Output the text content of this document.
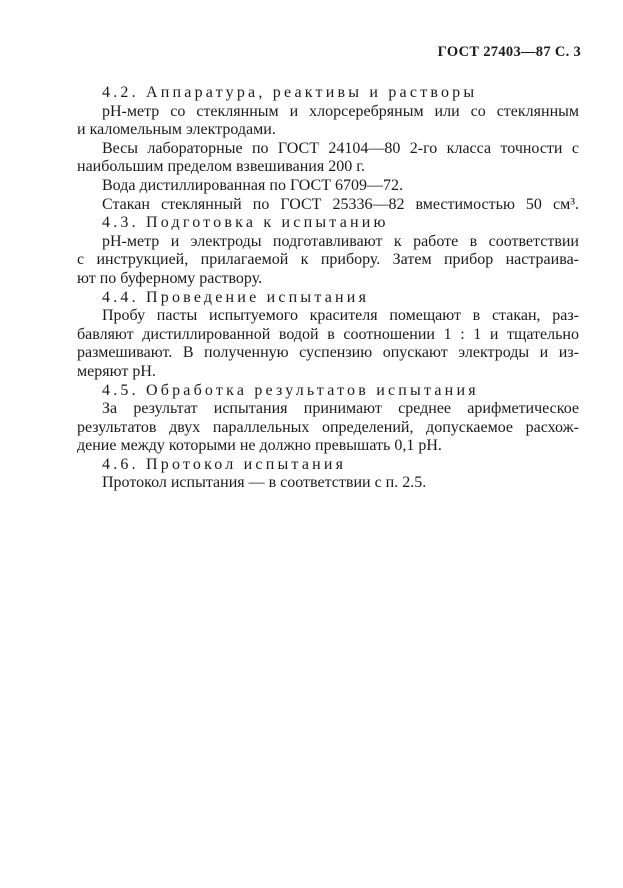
ГОСТ 27403—87 С. 3
4.2. Аппаратура, реактивы и растворы
рН-метр со стеклянным и хлорсеребряным или со стеклянным
и каломельным электродами.
Весы лабораторные по ГОСТ 24104—80 2-го класса точности с
наибольшим пределом взвешивания 200 г.
Вода дистиллированная по ГОСТ 6709—72.
Стакан стеклянный по ГОСТ 25336—82 вместимостью 50 см³.
4.3. Подготовка к испытанию
рН-метр и электроды подготавливают к работе в соответствии
с инструкцией, прилагаемой к прибору. Затем прибор настраива-
ют по буферному раствору.
4.4. Проведение испытания
Пробу пасты испытуемого красителя помещают в стакан, раз-
бавляют дистиллированной водой в соотношении 1 : 1 и тщательно
размешивают. В полученную суспензию опускают электроды и из-
меряют рН.
4.5. Обработка результатов испытания
За результат испытания принимают среднее арифметическое
результатов двух параллельных определений, допускаемое расхож-
дение между которыми не должно превышать 0,1 рН.
4.6. Протокол испытания
Протокол испытания — в соответствии с п. 2.5.
